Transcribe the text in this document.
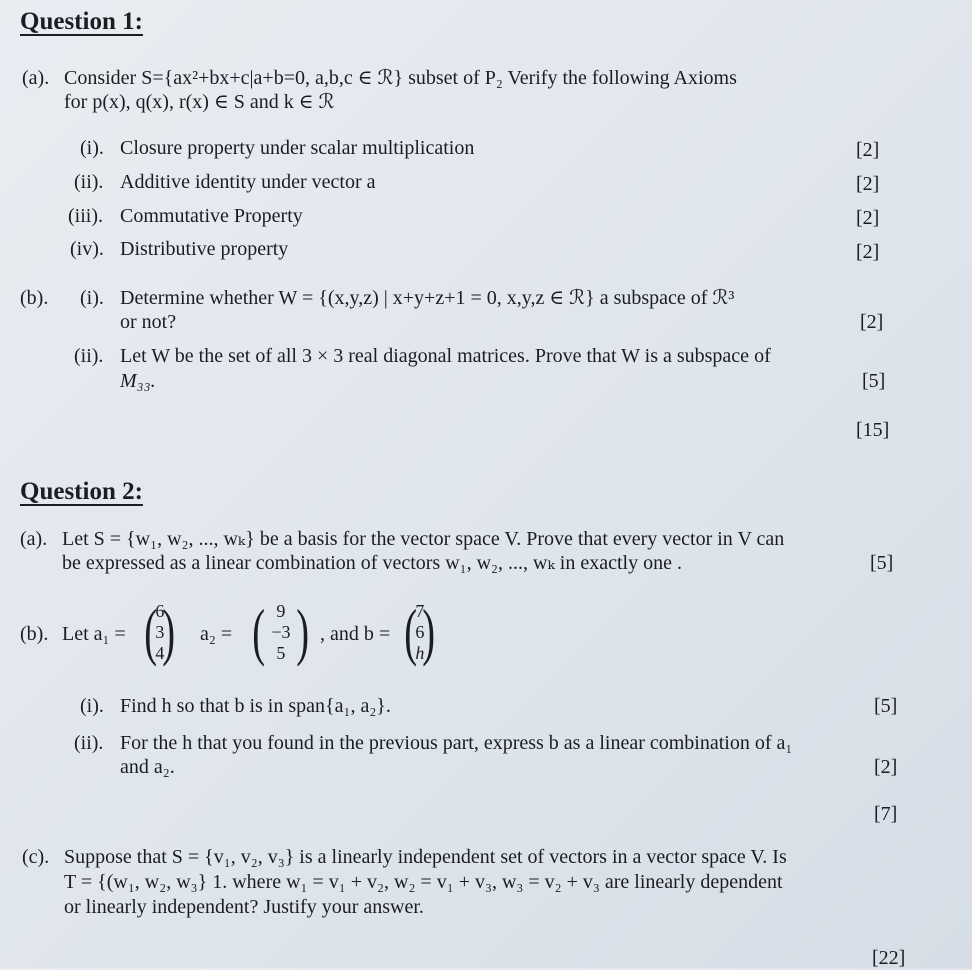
Question 1:
(a). Consider S={ax²+bx+c|a+b=0, a,b,c ∈ ℛ} subset of P₂ Verify the following Axioms
for p(x), q(x), r(x) ∈ S and k ∈ ℛ
(i). Closure property under scalar multiplication	[2]
(ii). Additive identity under vector a	[2]
(iii). Commutative Property	[2]
(iv). Distributive property	[2]
(b). (i). Determine whether W = {(x,y,z) | x+y+z+1 = 0, x,y,z ∈ ℛ} a subspace of ℛ³
or not?	[2]
(ii). Let W be the set of all 3 × 3 real diagonal matrices. Prove that W is a subspace of
M₃₃.	[5]
[15]
Question 2:
(a). Let S = {w₁, w₂, ..., wₖ} be a basis for the vector space V. Prove that every vector in V can
be expressed as a linear combination of vectors w₁, w₂, ..., wₖ in exactly one .	[5]
(b). Let a₁ = (
6
3
4
) a₂ = ( 9
−3
5 ) , and b = (
7
6
h
)
(i). Find h so that b is in span{a₁, a₂}.	[5]
(ii). For the h that you found in the previous part, express b as a linear combination of a₁
and a₂.	[2]
[7]
(c). Suppose that S = {v₁, v₂, v₃} is a linearly independent set of vectors in a vector space V. Is
T = {(w₁, w₂, w₃} 1. where w₁ = v₁ + v₂, w₂ = v₁ + v₃, w₃ = v₂ + v₃ are linearly dependent
or linearly independent? Justify your answer.
[22]
